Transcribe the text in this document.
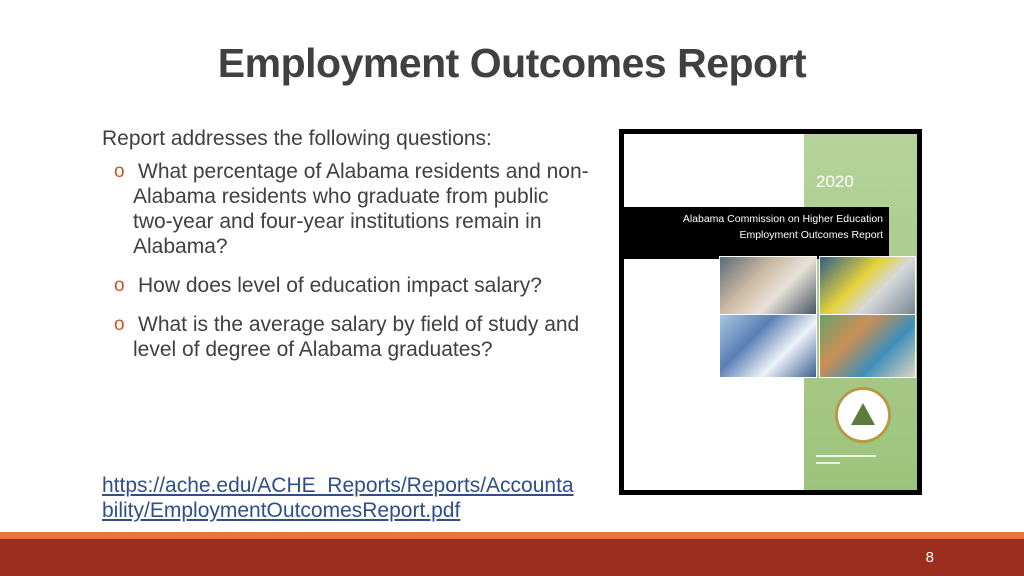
Employment Outcomes Report
Report addresses the following questions:
o What percentage of Alabama residents and non-Alabama residents who graduate from public two-year and four-year institutions remain in Alabama?
o How does level of education impact salary?
o What is the average salary by field of study and level of degree of Alabama graduates?
https://ache.edu/ACHE_Reports/Reports/Accountability/EmploymentOutcomesReport.pdf
2020
Alabama Commission on Higher Education
Employment Outcomes Report
8
